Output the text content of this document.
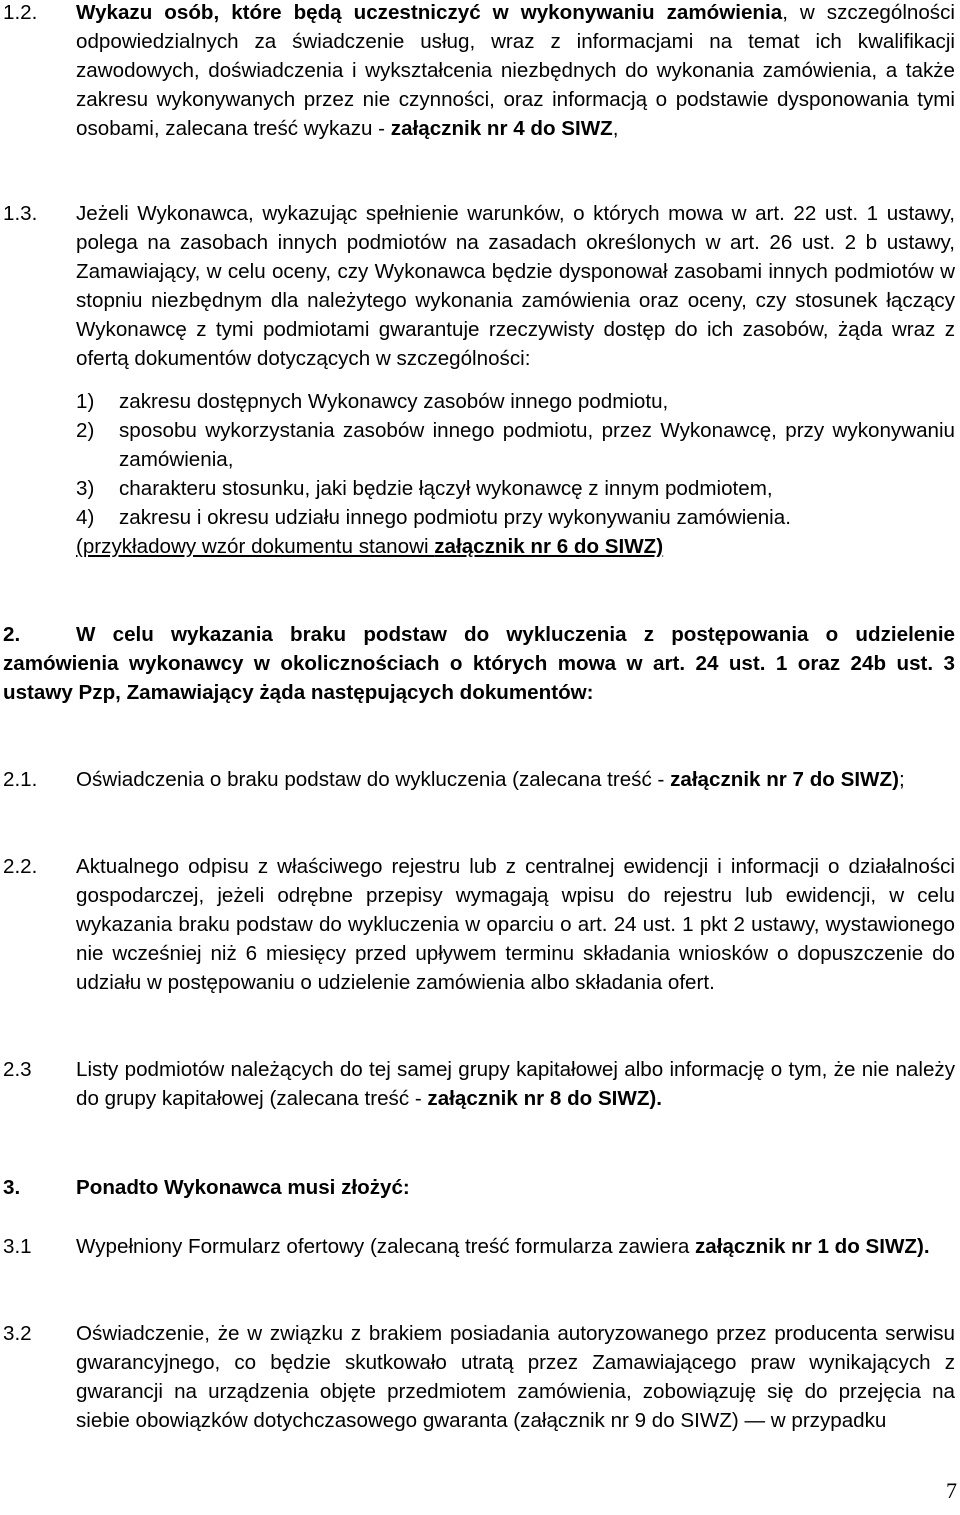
1.2.	Wykazu osób, które będą uczestniczyć w wykonywaniu zamówienia, w szczególności odpowiedzialnych za świadczenie usług, wraz z informacjami na temat ich kwalifikacji zawodowych, doświadczenia i wykształcenia niezbędnych do wykonania zamówienia, a także zakresu wykonywanych przez nie czynności, oraz informacją o podstawie dysponowania tymi osobami, zalecana treść wykazu - załącznik nr 4 do SIWZ,
1.3.	Jeżeli Wykonawca, wykazując spełnienie warunków, o których mowa w art. 22 ust. 1 ustawy, polega na zasobach innych podmiotów na zasadach określonych w art. 26 ust. 2 b ustawy, Zamawiający, w celu oceny, czy Wykonawca będzie dysponował zasobami innych podmiotów w stopniu niezbędnym dla należytego wykonania zamówienia oraz oceny, czy stosunek łączący Wykonawcę z tymi podmiotami gwarantuje rzeczywisty dostęp do ich zasobów, żąda wraz z ofertą dokumentów dotyczących w szczególności:
1)	zakresu dostępnych Wykonawcy zasobów innego podmiotu,
2)	sposobu wykorzystania zasobów innego podmiotu, przez Wykonawcę, przy wykonywaniu zamówienia,
3)	charakteru stosunku, jaki będzie łączył wykonawcę z innym podmiotem,
4)	zakresu i okresu udziału innego podmiotu przy wykonywaniu zamówienia.
(przykładowy wzór dokumentu stanowi załącznik nr 6 do SIWZ)
2.	W celu wykazania braku podstaw do wykluczenia z postępowania o udzielenie zamówienia wykonawcy w okolicznościach o których mowa w art. 24 ust. 1 oraz 24b ust. 3 ustawy Pzp, Zamawiający żąda następujących dokumentów:
2.1.	Oświadczenia o braku podstaw do wykluczenia (zalecana treść - załącznik nr 7 do SIWZ);
2.2.	Aktualnego odpisu z właściwego rejestru lub z centralnej ewidencji i informacji o działalności gospodarczej, jeżeli odrębne przepisy wymagają wpisu do rejestru lub ewidencji, w celu wykazania braku podstaw do wykluczenia w oparciu o art. 24 ust. 1 pkt 2 ustawy, wystawionego nie wcześniej niż 6 miesięcy przed upływem terminu składania wniosków o dopuszczenie do udziału w postępowaniu o udzielenie zamówienia albo składania ofert.
2.3	Listy podmiotów należących do tej samej grupy kapitałowej albo informację o tym, że nie należy do grupy kapitałowej (zalecana treść - załącznik nr 8 do SIWZ).
3.	Ponadto Wykonawca musi złożyć:
3.1	Wypełniony Formularz ofertowy (zalecaną treść formularza zawiera załącznik nr 1 do SIWZ).
3.2	Oświadczenie, że w związku z brakiem posiadania autoryzowanego przez producenta serwisu gwarancyjnego, co będzie skutkowało utratą przez Zamawiającego praw wynikających z gwarancji na urządzenia objęte przedmiotem zamówienia, zobowiązuję się do przejęcia na siebie obowiązków dotychczasowego gwaranta (załącznik nr 9 do SIWZ) — w przypadku
7
